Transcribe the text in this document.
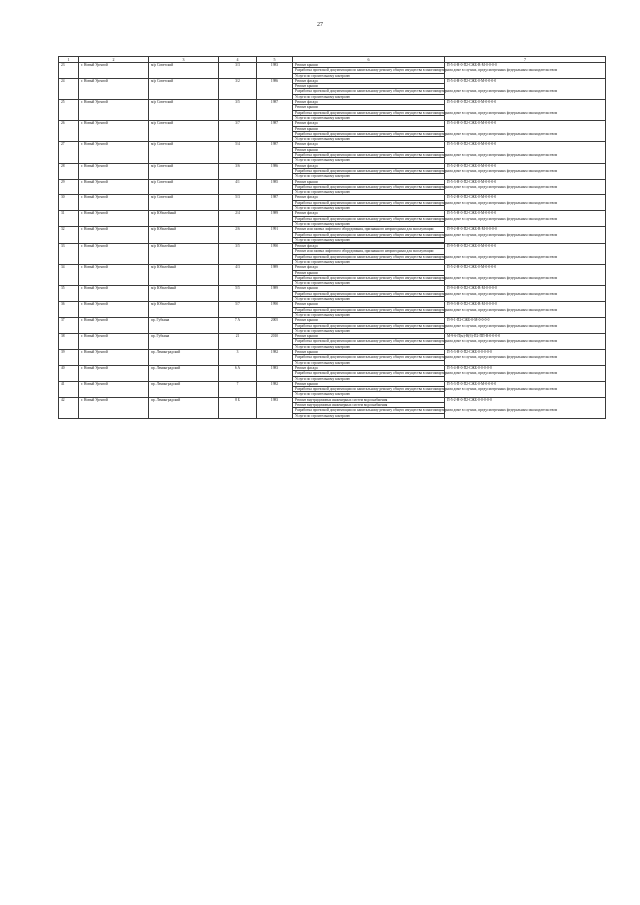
27
1	2	3	4	5	6	7
23	г. Новый Уренгой	м/р Советский	3/3	1983	Ремонт крыши	П-5-4-Н-0-П2-СЖБ-В-М-0-0-0-0
					Разработка проектной документации по капитальному ремонту общего имущества в многоквартирном доме в случаях, предусмотренных федеральным законодательством	
					Услуги по строительному контролю	
24	г. Новый Уренгой	м/р Советский	3/2	1986	Ремонт фасада	П-5-4-Н-0-П2-СЖБ-0-М-0-0-0-0
					Ремонт крыши	
					Разработка проектной документации по капитальному ремонту общего имущества в многоквартирном доме в случаях, предусмотренных федеральным законодательством	
					Услуги по строительному контролю	
25	г. Новый Уренгой	м/р Советский	3/5	1987	Ремонт фасада	П-5-4-Н-0-П2-СЖБ-0-М-0-0-0-0
					Ремонт крыши	
					Разработка проектной документации по капитальному ремонту общего имущества в многоквартирном доме в случаях, предусмотренных федеральным законодательством	
					Услуги по строительному контролю	
26	г. Новый Уренгой	м/р Советский	3/7	1987	Ремонт фасада	П-5-4-Н-0-П2-СЖБ-0-М-0-0-0-0
					Ремонт крыши	
					Разработка проектной документации по капитальному ремонту общего имущества в многоквартирном доме в случаях, предусмотренных федеральным законодательством	
					Услуги по строительному контролю	
27	г. Новый Уренгой	м/р Советский	5/4	1987	Ремонт фасада	П-5-3-Н-0-П2-СЖБ-0-М-0-0-0-0
					Ремонт крыши	
					Разработка проектной документации по капитальному ремонту общего имущества в многоквартирном доме в случаях, предусмотренных федеральным законодательством	
					Услуги по строительному контролю	
28	г. Новый Уренгой	м/р Советский	3/6	1986	Ремонт фасада	П-5-2-Н-0-П2-СЖБ-0-М-0-0-0-0
					Разработка проектной документации по капитальному ремонту общего имущества в многоквартирном доме в случаях, предусмотренных федеральным законодательством	
					Услуги по строительному контролю	
29	г. Новый Уренгой	м/р Советский	4/1	1985	Ремонт крыши	П-5-3-Н-0-П2-СЖБ-0-М-0-0-0-0
					Разработка проектной документации по капитальному ремонту общего имущества в многоквартирном доме в случаях, предусмотренных федеральным законодательством	
					Услуги по строительному контролю	
30	г. Новый Уренгой	м/р Советский	5/3	1987	Ремонт фасада	П-5-2-Н-0-П2-СЖБ-0-М-0-0-0-0
					Разработка проектной документации по капитальному ремонту общего имущества в многоквартирном доме в случаях, предусмотренных федеральным законодательством	
					Услуги по строительному контролю	
31	г. Новый Уренгой	м/р Юбилейный	2/4	1989	Ремонт фасада	П-5-5-Н-0-П2-СЖБ-0-М-0-0-0-0
					Разработка проектной документации по капитальному ремонту общего имущества в многоквартирном доме в случаях, предусмотренных федеральным законодательством	
					Услуги по строительному контролю	
32	г. Новый Уренгой	м/р Юбилейный	2/6	1991	Ремонт или замена лифтового оборудования, признанного непригодным для эксплуатации	П-9-2-Н-0-П2-СЖБ-В-М-0-0-0-0
					Разработка проектной документации по капитальному ремонту общего имущества в многоквартирном доме в случаях, предусмотренных федеральным законодательством	
					Услуги по строительному контролю	

33	г. Новый Уренгой	м/р Юбилейный	3/5	1990	Ремонт фасада	П-9-5-Н-0-П2-СЖБ-0-М-0-0-0-0
					Ремонт или замена лифтового оборудования, признанного непригодным для эксплуатации	
					Разработка проектной документации по капитальному ремонту общего имущества в многоквартирном доме в случаях, предусмотренных федеральным законодательством	
					Услуги по строительному контролю	
34	г. Новый Уренгой	м/р Юбилейный	4/3	1989	Ремонт фасада	П-5-2-Н-0-П2-СЖБ-0-М-0-0-0-0
					Ремонт крыши	
					Разработка проектной документации по капитальному ремонту общего имущества в многоквартирном доме в случаях, предусмотренных федеральным законодательством	
					Услуги по строительному контролю	
35	г. Новый Уренгой	м/р Юбилейный	5/5	1989	Ремонт крыши	П-9-4-Н-0-П2-СЖБ-В-М-0-0-0-0
					Разработка проектной документации по капитальному ремонту общего имущества в многоквартирном доме в случаях, предусмотренных федеральным законодательством	
					Услуги по строительному контролю	
36	г. Новый Уренгой	м/р Юбилейный	5/7	1990	Ремонт крыши	П-9-3-Н-0-П2-СЖБ-В-М-0-0-0-0
					Разработка проектной документации по капитальному ремонту общего имущества в многоквартирном доме в случаях, предусмотренных федеральным законодательством	
					Услуги по строительному контролю	
37	г. Новый Уренгой	пр. Губкина	7 А	2005	Ремонт крыши	П-9-1-П2-СЖБ-0-М-0-0-0-0
					Разработка проектной документации по капитальному ремонту общего имущества в многоквартирном доме в случаях, предусмотренных федеральным законодательством	
					Услуги по строительному контролю	
38	г. Новый Уренгой	пр. Губкина	21	2010	Ремонт крыши	М-9-6-П(м)-Н(б)-П2-ПП-В-0-0-0-0
					Разработка проектной документации по капитальному ремонту общего имущества в многоквартирном доме в случаях, предусмотренных федеральным законодательством	
					Услуги по строительному контролю	
39	г. Новый Уренгой	пр. Ленинградский	3	1982	Ремонт крыши	П-5-3-Н-0-П2-СЖБ-0-0-0-0-0
					Разработка проектной документации по капитальному ремонту общего имущества в многоквартирном доме в случаях, предусмотренных федеральным законодательством	
					Услуги по строительному контролю	
40	г. Новый Уренгой	пр. Ленинградский	6 А	1983	Ремонт фасада	П-5-4-Н-0-П2-СЖБ-0-0-0-0-0
					Разработка проектной документации по капитальному ремонту общего имущества в многоквартирном доме в случаях, предусмотренных федеральным законодательством	
					Услуги по строительному контролю	
41	г. Новый Уренгой	пр. Ленинградский	7	1982	Ремонт крыши	П-5-3-П-0-П2-СЖБ-0-М-0-0-0-0
					Разработка проектной документации по капитальному ремонту общего имущества в многоквартирном доме в случаях, предусмотренных федеральным законодательством	
					Услуги по строительному контролю	
42	г. Новый Уренгой	пр. Ленинградский	8 Б	1983	Ремонт внутридомовых инженерных систем водоснабжения	П-5-2-Н-0-П2-СЖБ-0-0-0-0-0
					Ремонт внутридомовых инженерных систем водоснабжения	
					Разработка проектной документации по капитальному ремонту общего имущества в многоквартирном доме в случаях, предусмотренных федеральным законодательством	
					Услуги по строительному контролю	
